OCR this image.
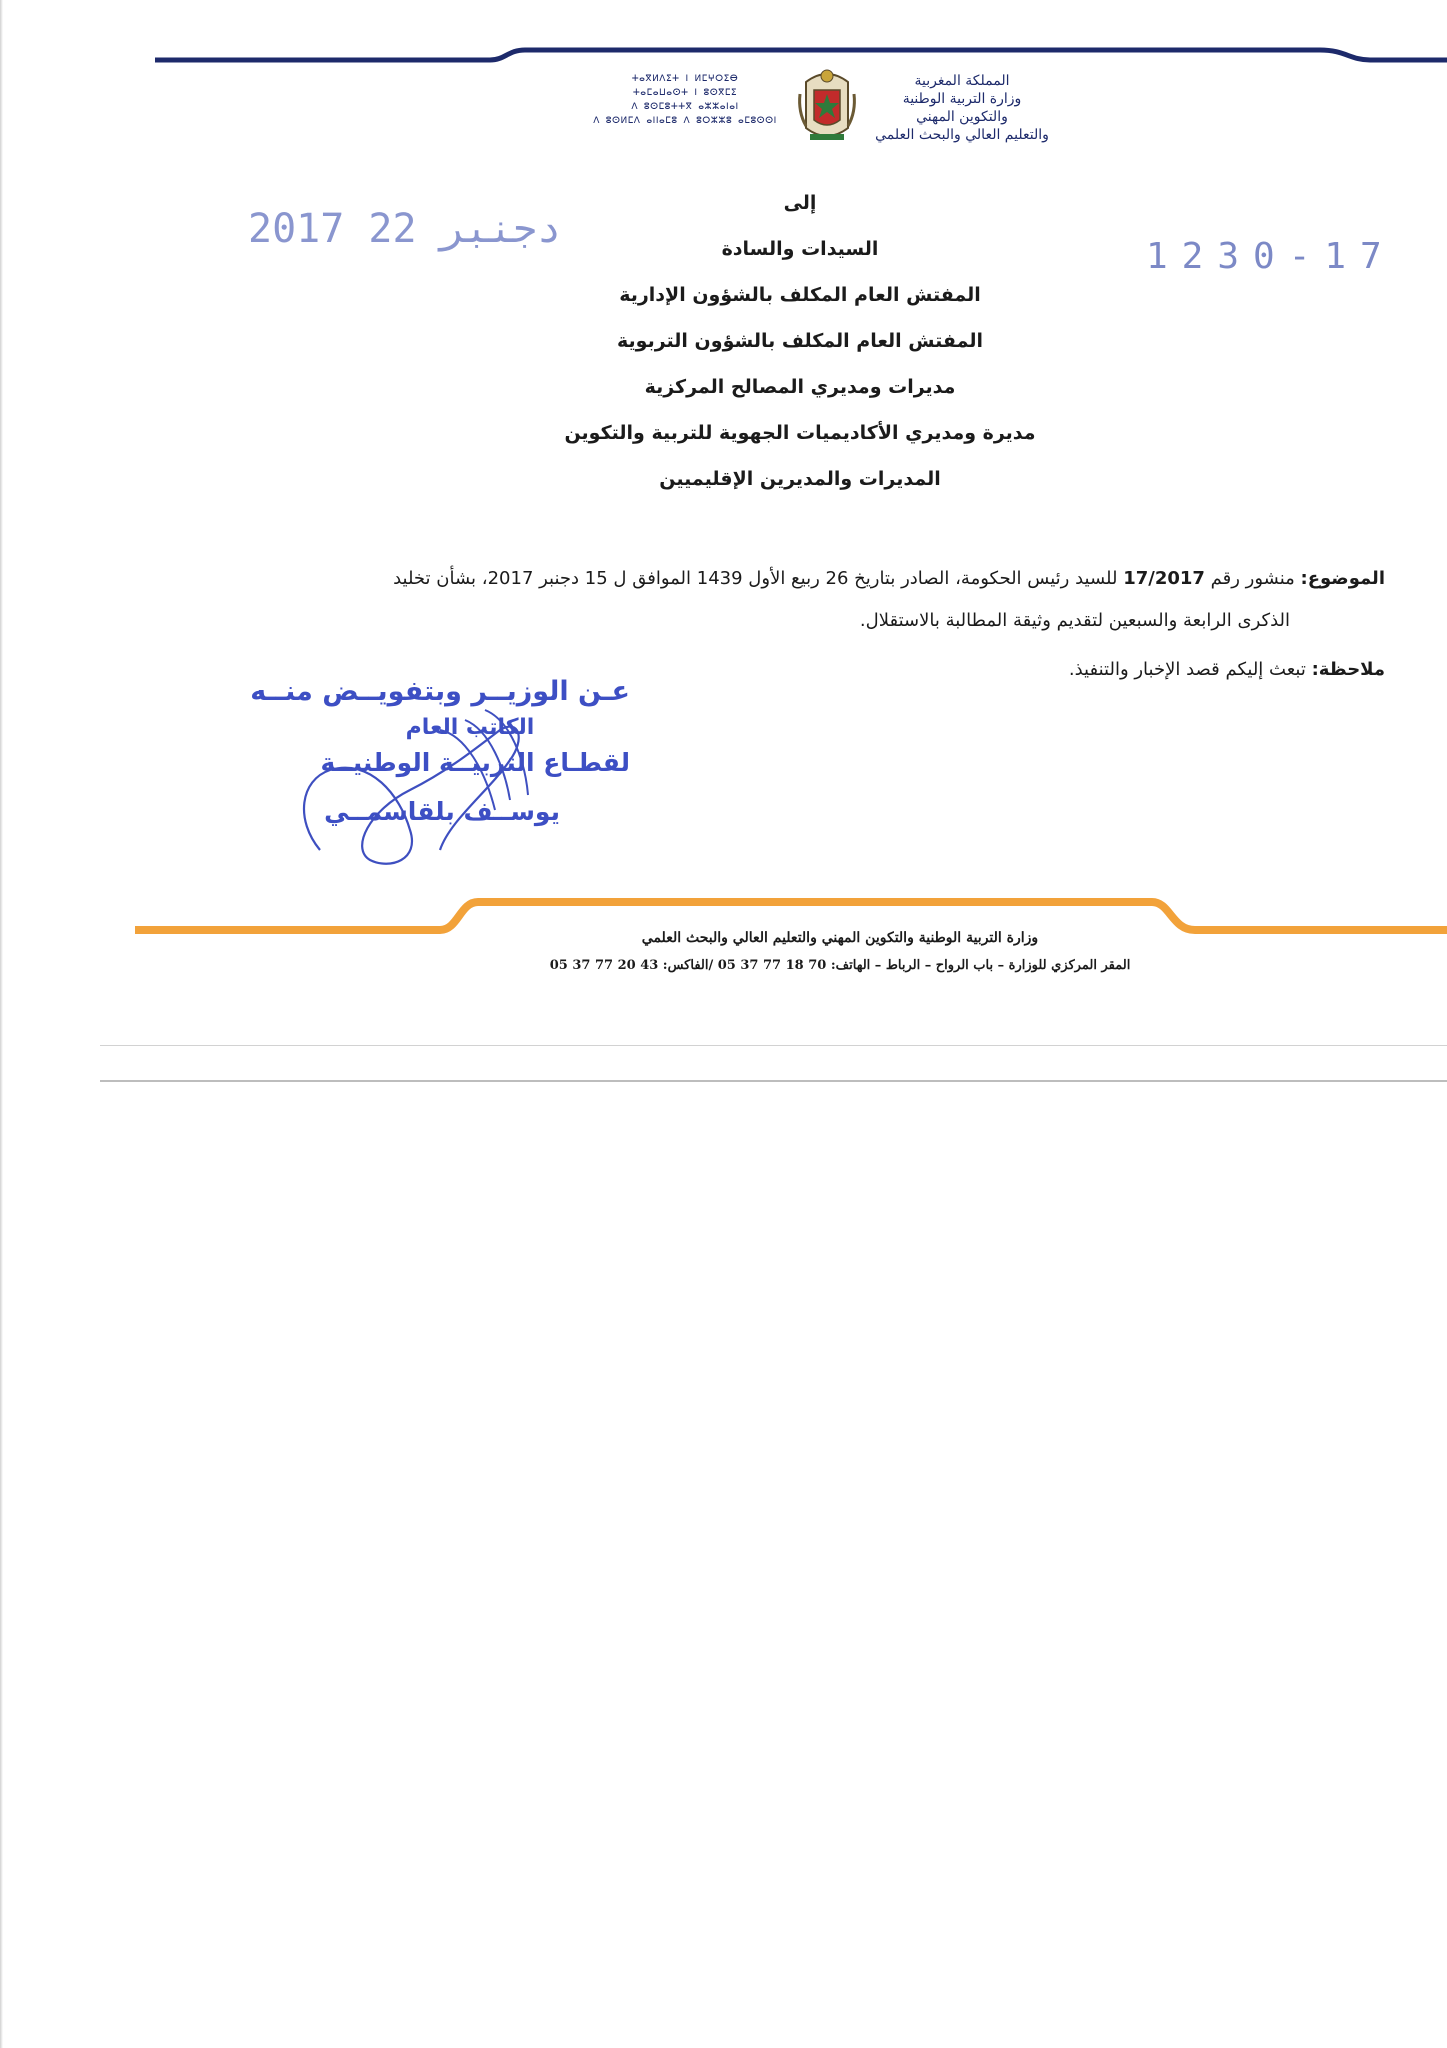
ⵜⴰⴳⵍⴷⵉⵜ ⵏ ⵍⵎⵖⵔⵉⴱ
ⵜⴰⵎⴰⵡⴰⵙⵜ ⵏ ⵓⵙⴳⵎⵉ
ⴷ ⵓⵙⵎⵓⵜⵜⴳ ⴰⵣⵣⴰⵏⴰⵏ
ⴷ ⵓⵙⵍⵎⴷ ⴰⵏⵏⴰⵎⵓ ⴷ ⵓⵔⵣⵣⵓ ⴰⵎⵓⵙⵙⵏ
المملكة المغربية
وزارة التربية الوطنية
والتكوين المهني
والتعليم العالي والبحث العلمي
2017 دجنبر 22
1230-17
إلى
السيدات والسادة
المفتش العام المكلف بالشؤون الإدارية
المفتش العام المكلف بالشؤون التربوية
مديرات ومديري المصالح المركزية
مديرة ومديري الأكاديميات الجهوية للتربية والتكوين
المديرات والمديرين الإقليميين
الموضوع: منشور رقم 17/2017 للسيد رئيس الحكومة، الصادر بتاريخ 26 ربيع الأول 1439 الموافق ل 15 دجنبر 2017، بشأن تخليد
الذكرى الرابعة والسبعين لتقديم وثيقة المطالبة بالاستقلال.
ملاحظة: تبعث إليكم قصد الإخبار والتنفيذ.
عـن الوزيــر وبتفويــض منــه
الكاتب العام
لقطـاع التربيــة الوطنيــة
يوســف بلقاسمــي
وزارة التربية الوطنية والتكوين المهني والتعليم العالي والبحث العلمي
المقر المركزي للوزارة – باب الرواح – الرباط – الهاتف: 70 18 77 37 05 /الفاكس: 43 20 77 37 05
